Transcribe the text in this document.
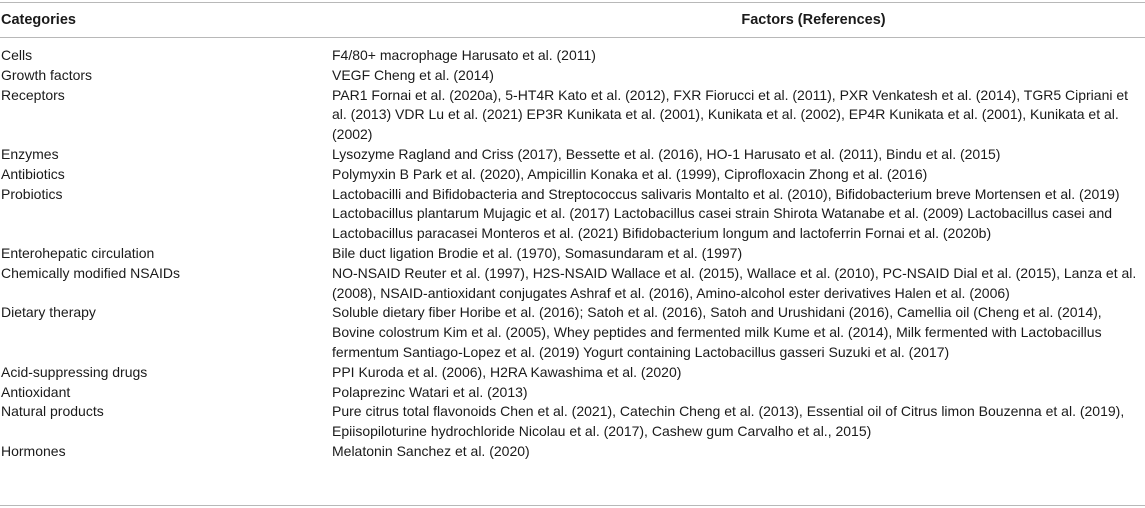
Categories	Factors (References)
Cells	F4/80+ macrophage Harusato et al. (2011)
Growth factors	VEGF Cheng et al. (2014)
Receptors	PAR1 Fornai et al. (2020a), 5-HT4R Kato et al. (2012), FXR Fiorucci et al. (2011), PXR Venkatesh et al. (2014), TGR5 Cipriani et al. (2013) VDR Lu et al. (2021) EP3R Kunikata et al. (2001), Kunikata et al. (2002), EP4R Kunikata et al. (2001), Kunikata et al. (2002)
Enzymes	Lysozyme Ragland and Criss (2017), Bessette et al. (2016), HO-1 Harusato et al. (2011), Bindu et al. (2015)
Antibiotics	Polymyxin B Park et al. (2020), Ampicillin Konaka et al. (1999), Ciprofloxacin Zhong et al. (2016)
Probiotics	Lactobacilli and Bifidobacteria and Streptococcus salivaris Montalto et al. (2010), Bifidobacterium breve Mortensen et al. (2019) Lactobacillus plantarum Mujagic et al. (2017) Lactobacillus casei strain Shirota Watanabe et al. (2009) Lactobacillus casei and Lactobacillus paracasei Monteros et al. (2021) Bifidobacterium longum and lactoferrin Fornai et al. (2020b)
Enterohepatic circulation	Bile duct ligation Brodie et al. (1970), Somasundaram et al. (1997)
Chemically modified NSAIDs	NO-NSAID Reuter et al. (1997), H2S-NSAID Wallace et al. (2015), Wallace et al. (2010), PC-NSAID Dial et al. (2015), Lanza et al. (2008), NSAID-antioxidant conjugates Ashraf et al. (2016), Amino-alcohol ester derivatives Halen et al. (2006)
Dietary therapy	Soluble dietary fiber Horibe et al. (2016); Satoh et al. (2016), Satoh and Urushidani (2016), Camellia oil (Cheng et al. (2014), Bovine colostrum Kim et al. (2005), Whey peptides and fermented milk Kume et al. (2014), Milk fermented with Lactobacillus fermentum Santiago-Lopez et al. (2019) Yogurt containing Lactobacillus gasseri Suzuki et al. (2017)
Acid-suppressing drugs	PPI Kuroda et al. (2006), H2RA Kawashima et al. (2020)
Antioxidant	Polaprezinc Watari et al. (2013)
Natural products	Pure citrus total flavonoids Chen et al. (2021), Catechin Cheng et al. (2013), Essential oil of Citrus limon Bouzenna et al. (2019), Epiisopiloturine hydrochloride Nicolau et al. (2017), Cashew gum Carvalho et al., 2015)
Hormones	Melatonin Sanchez et al. (2020)
